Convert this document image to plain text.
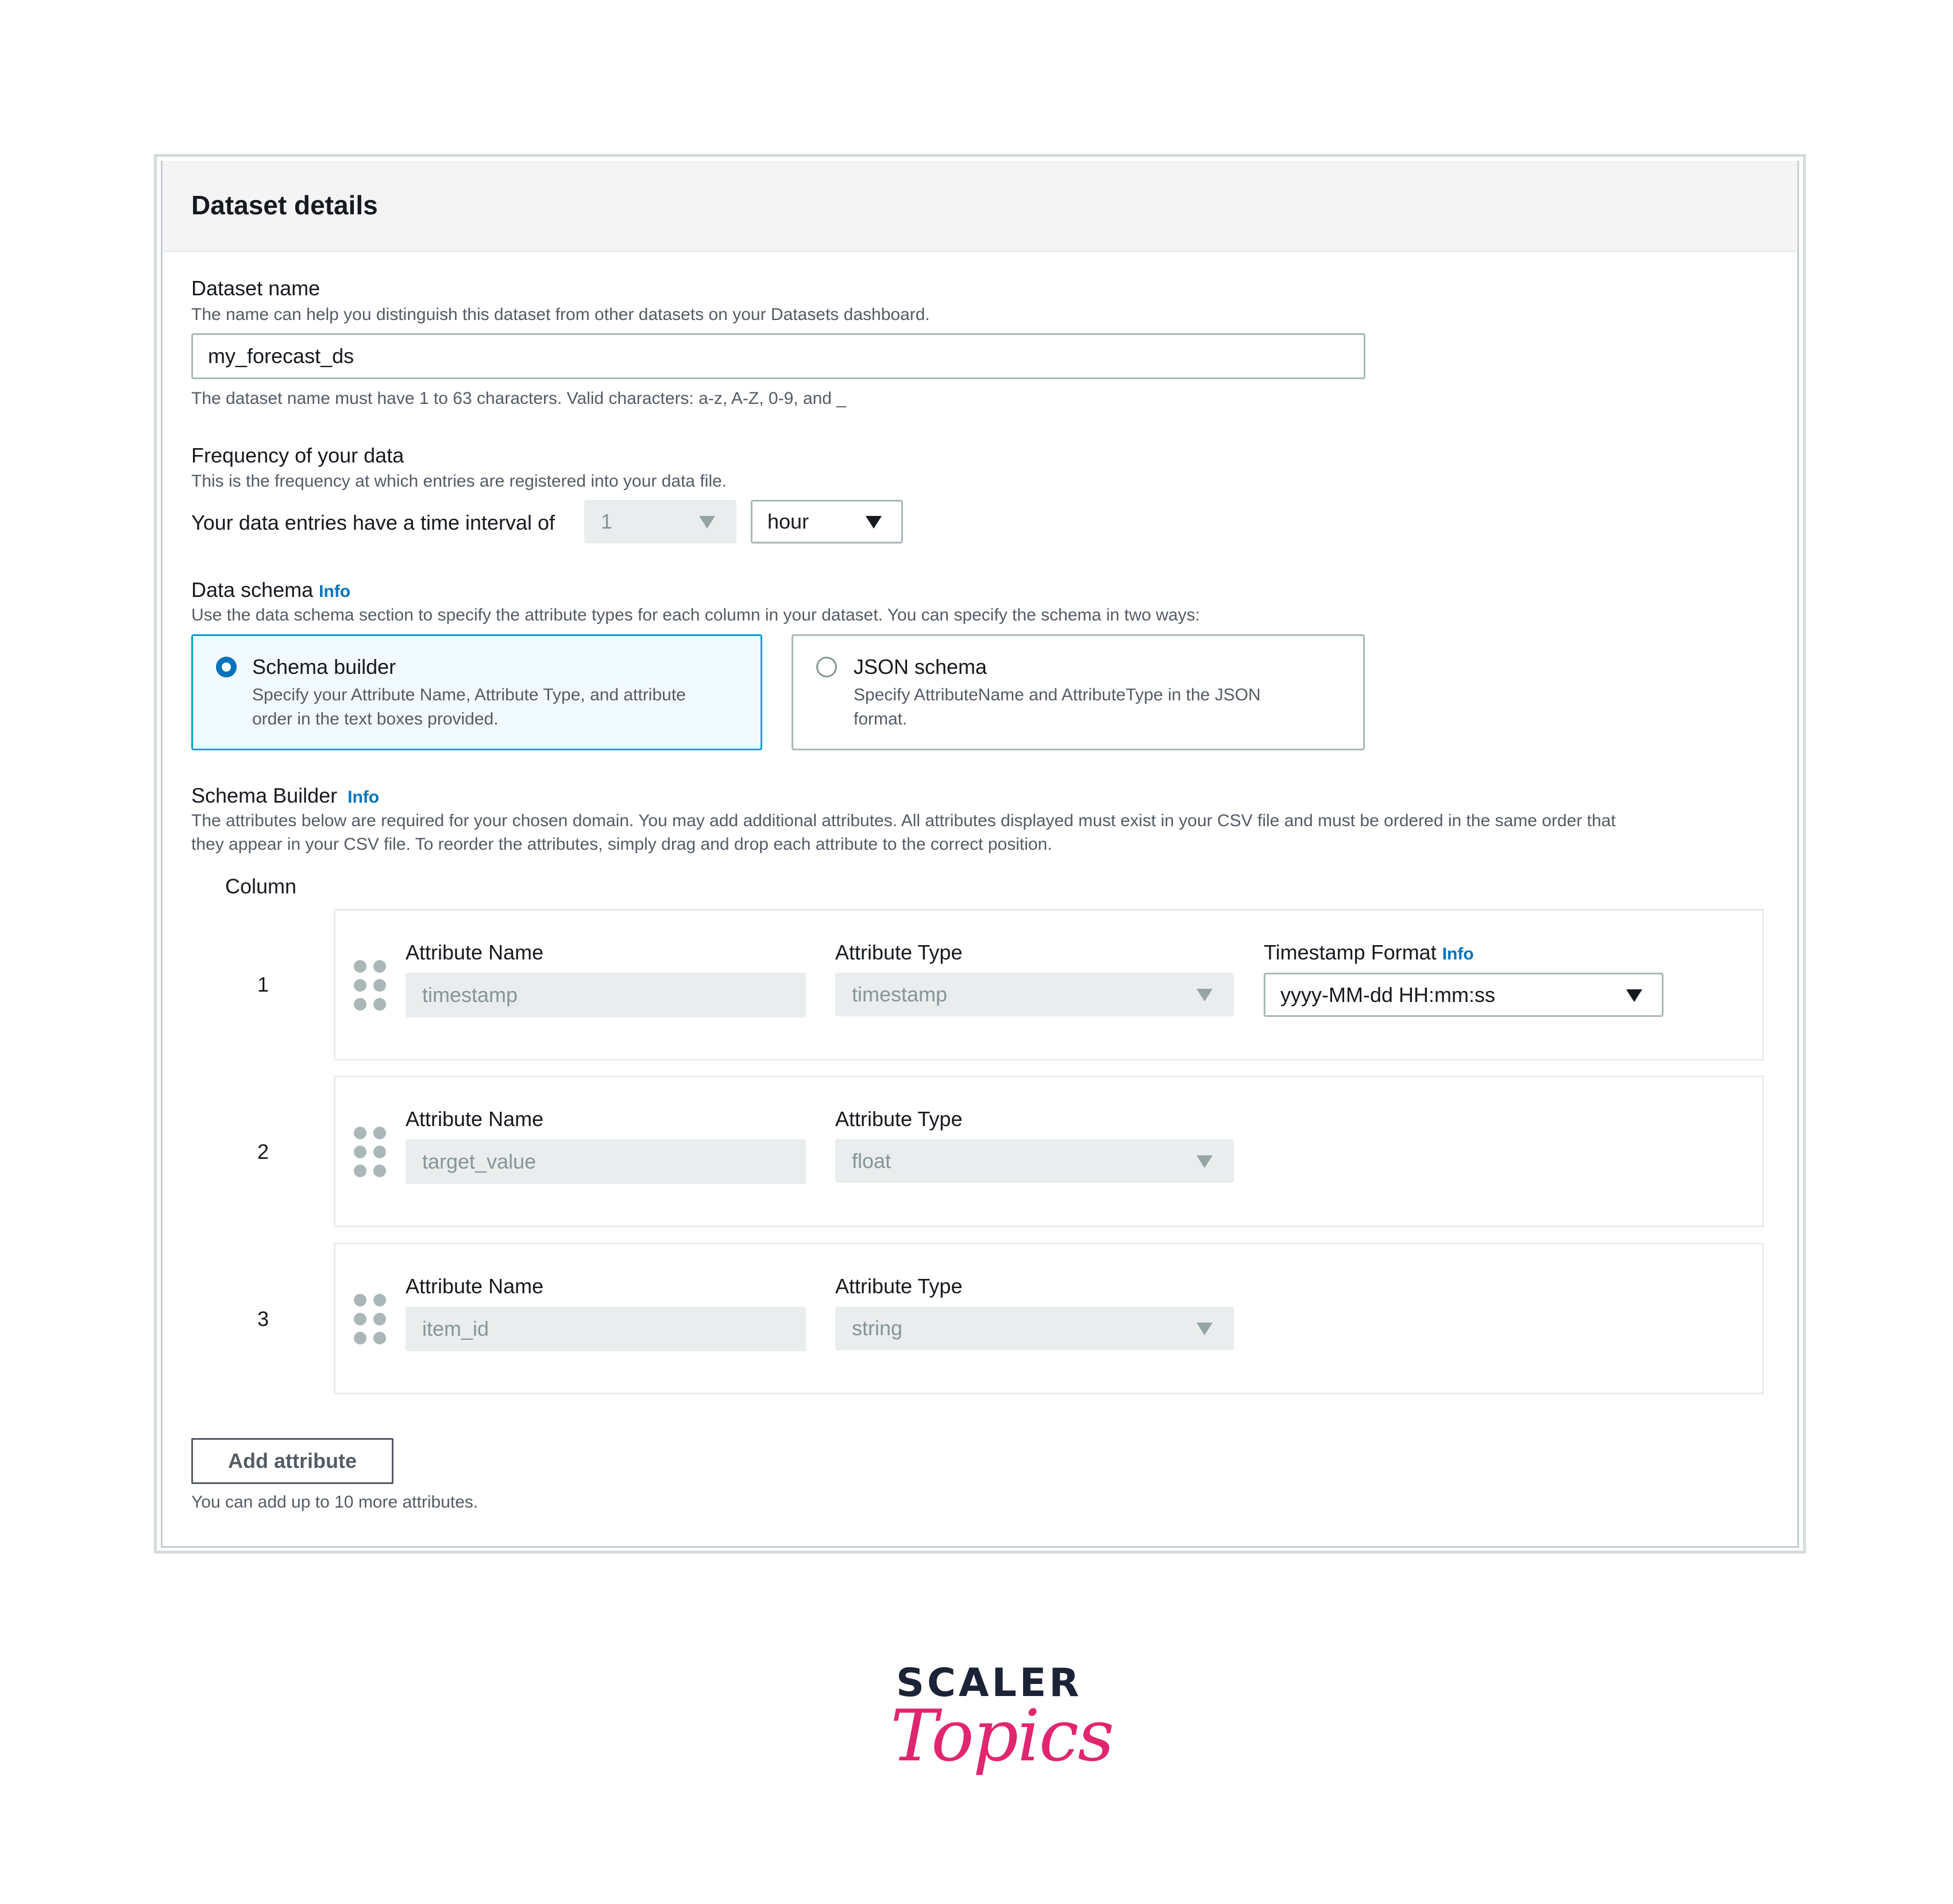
Dataset details
Dataset name
The name can help you distinguish this dataset from other datasets on your Datasets dashboard.
my_forecast_ds
The dataset name must have 1 to 63 characters. Valid characters: a-z, A-Z, 0-9, and _
Frequency of your data
This is the frequency at which entries are registered into your data file.
Your data entries have a time interval of 1	hour
Data schema Info
Use the data schema section to specify the attribute types for each column in your dataset. You can specify the schema in two ways:
Schema builder
Specify your Attribute Name, Attribute Type, and attribute
order in the text boxes provided.
JSON schema
Specify AttributeName and AttributeType in the JSON
format.
Schema Builder Info
The attributes below are required for your chosen domain. You may add additional attributes. All attributes displayed must exist in your CSV file and must be ordered in the same order that
they appear in your CSV file. To reorder the attributes, simply drag and drop each attribute to the correct position.
Column
1
Attribute Name
timestamp
Attribute Type
timestamp
Timestamp Format Info
yyyy-MM-dd HH:mm:ss
2
Attribute Name
target_value
Attribute Type
float
3
Attribute Name
item_id
Attribute Type
string
Add attribute
You can add up to 10 more attributes.
SCALER
Topics
